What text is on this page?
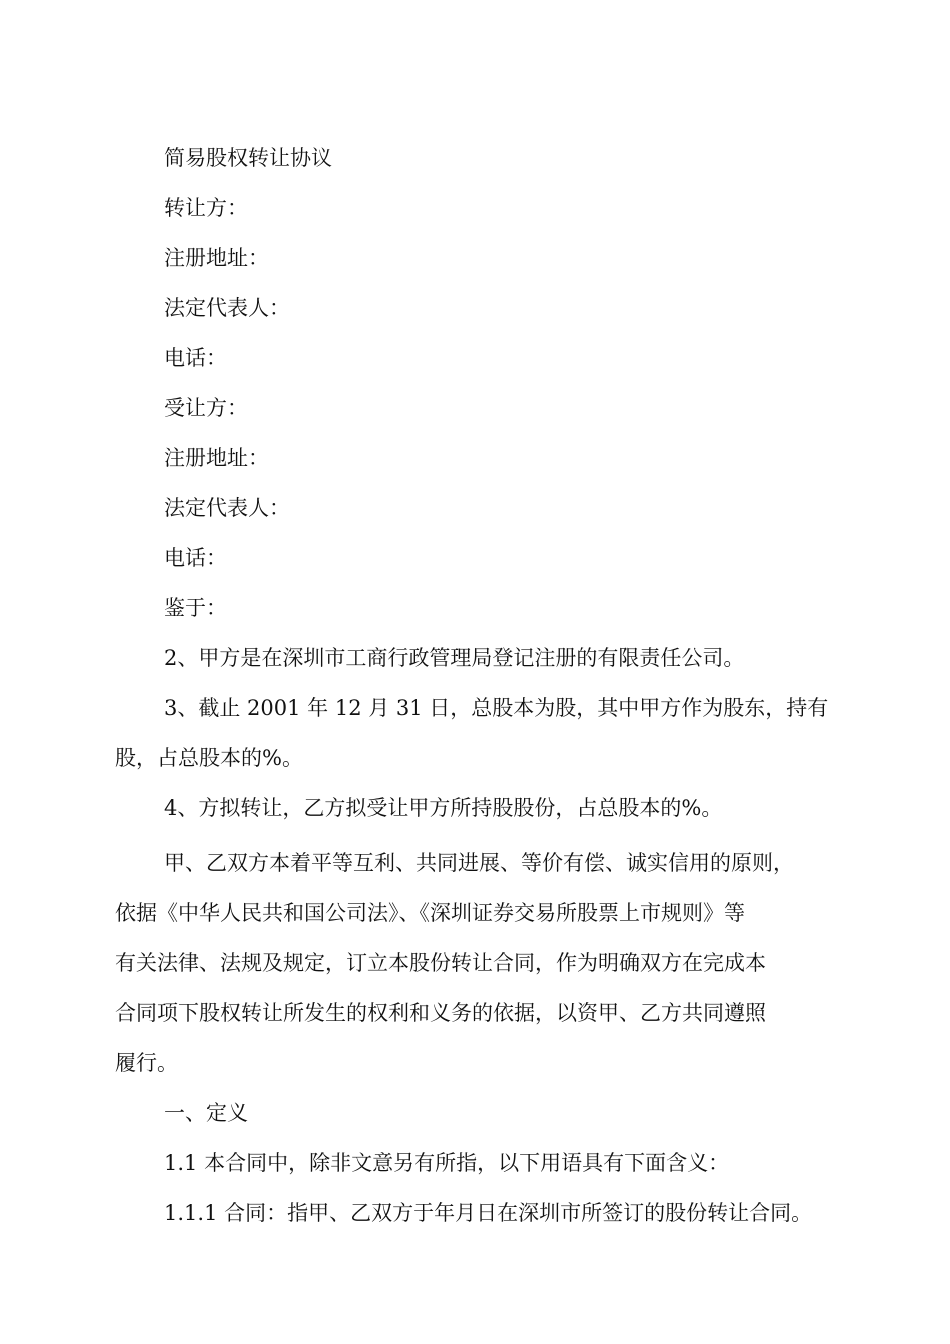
简易股权转让协议

转让方：

注册地址：

法定代表人：

电话：

受让方：

注册地址：

法定代表人：

电话：

鉴于：

2、甲方是在深圳市工商行政管理局登记注册的有限责任公司。

3、截止 2001 年 12 月 31 日，总股本为股，其中甲方作为股东，持有

股，占总股本的%。

4、方拟转让，乙方拟受让甲方所持股股份，占总股本的%。

甲、乙双方本着平等互利、共同进展、等价有偿、诚实信用的原则，

依据《中华人民共和国公司法》、《深圳证券交易所股票上市规则》等

有关法律、法规及规定，订立本股份转让合同，作为明确双方在完成本

合同项下股权转让所发生的权利和义务的依据，以资甲、乙方共同遵照

履行。

一、定义

1.1 本合同中，除非文意另有所指，以下用语具有下面含义：

1.1.1 合同：指甲、乙双方于年月日在深圳市所签订的股份转让合同。
